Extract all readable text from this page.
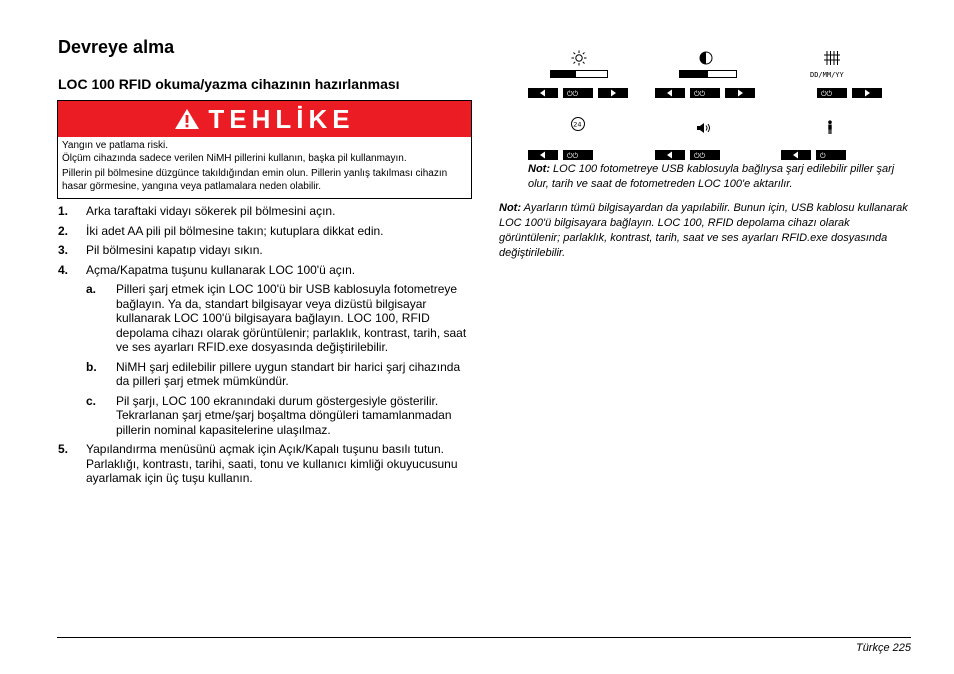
Devreye alma
LOC 100 RFID okuma/yazma cihazının hazırlanması
TEHLİKE

Yangın ve patlama riski.

Ölçüm cihazında sadece verilen NiMH pillerini kullanın, başka pil kullanmayın.

Pillerin pil bölmesine düzgünce takıldığından emin olun. Pillerin yanlış takılması cihazın hasar görmesine, yangına veya patlamalara neden olabilir.

1.	Arka taraftaki vidayı sökerek pil bölmesini açın.
2.	İki adet AA pili pil bölmesine takın; kutuplara dikkat edin.
3.	Pil bölmesini kapatıp vidayı sıkın.
4.	Açma/Kapatma tuşunu kullanarak LOC 100'ü açın.
a.	Pilleri şarj etmek için LOC 100'ü bir USB kablosuyla fotometreye bağlayın. Ya da, standart bilgisayar veya dizüstü bilgisayar kullanarak LOC 100'ü bilgisayara bağlayın. LOC 100, RFID depolama cihazı olarak görüntülenir; parlaklık, kontrast, tarih, saat ve ses ayarları RFID.exe dosyasında değiştirilebilir.
b.	NiMH şarj edilebilir pillere uygun standart bir harici şarj cihazında da pilleri şarj etmek mümkündür.
c.	Pil şarjı, LOC 100 ekranındaki durum göstergesiyle gösterilir. Tekrarlanan şarj etme/şarj boşaltma döngüleri tamamlanmadan pillerin nominal kapasitelerine ulaşılmaz.
5.	Yapılandırma menüsünü açmak için Açık/Kapalı tuşunu basılı tutun. Parlaklığı, kontrastı, tarihi, saati, tonu ve kullanıcı kimliği okuyucusunu ayarlamak için üç tuşu kullanın.
DD/MM/YY
⏻⏻	⏻⏻	⏻⏻
24
⏻⏻	⏻⏻	⏻
Not: LOC 100 fotometreye USB kablosuyla bağlıysa şarj edilebilir piller şarj olur, tarih ve saat de fotometreden LOC 100'e aktarılır.
Not: Ayarların tümü bilgisayardan da yapılabilir. Bunun için, USB kablosu kullanarak LOC 100'ü bilgisayara bağlayın. LOC 100, RFID depolama cihazı olarak görüntülenir; parlaklık, kontrast, tarih, saat ve ses ayarları RFID.exe dosyasında değiştirilebilir.
Türkçe 225
